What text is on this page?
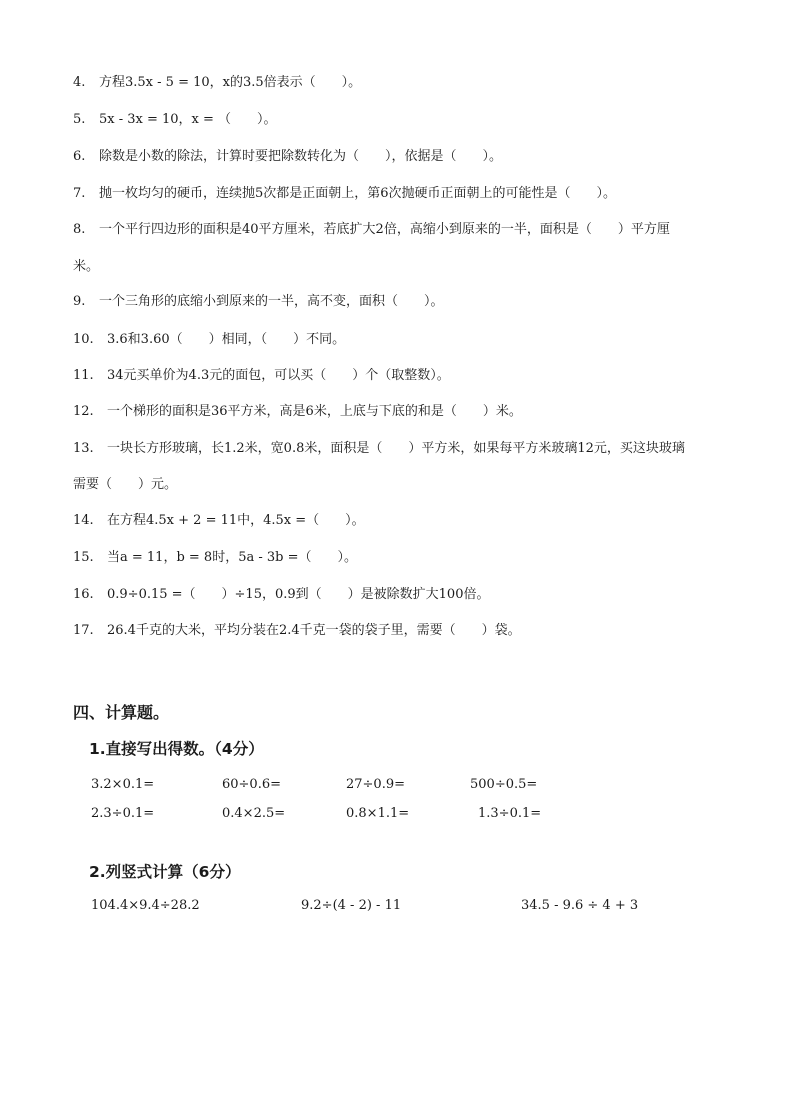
4. 方程3.5x - 5 = 10，x的3.5倍表示（　　）。
5. 5x - 3x = 10，x = （　　）。
6. 除数是小数的除法，计算时要把除数转化为（　　），依据是（　　）。
7. 抛一枚均匀的硬币，连续抛5次都是正面朝上，第6次抛硬币正面朝上的可能性是（　　）。
8. 一个平行四边形的面积是40平方厘米，若底扩大2倍，高缩小到原来的一半，面积是（　　）平方厘
米。
9. 一个三角形的底缩小到原来的一半，高不变，面积（　　）。
10. 3.6和3.60（　　）相同，（　　）不同。
11. 34元买单价为4.3元的面包，可以买（　　）个（取整数）。
12. 一个梯形的面积是36平方米，高是6米，上底与下底的和是（　　）米。
13. 一块长方形玻璃，长1.2米，宽0.8米，面积是（　　）平方米，如果每平方米玻璃12元，买这块玻璃
需要（　　）元。
14. 在方程4.5x + 2 = 11中，4.5x =（　　）。
15. 当a = 11，b = 8时，5a - 3b =（　　）。
16. 0.9÷0.15 =（　　）÷15，0.9到（　　）是被除数扩大100倍。
17. 26.4千克的大米，平均分装在2.4千克一袋的袋子里，需要（　　）袋。
四、计算题。
1.直接写出得数。（4分）
3.2×0.1=	60÷0.6=	27÷0.9=	500÷0.5=
2.3÷0.1=	0.4×2.5=	0.8×1.1=	1.3÷0.1=
2.列竖式计算（6分）
104.4×9.4÷28.2	9.2÷(4 - 2) - 11	34.5 - 9.6 ÷ 4 + 3
